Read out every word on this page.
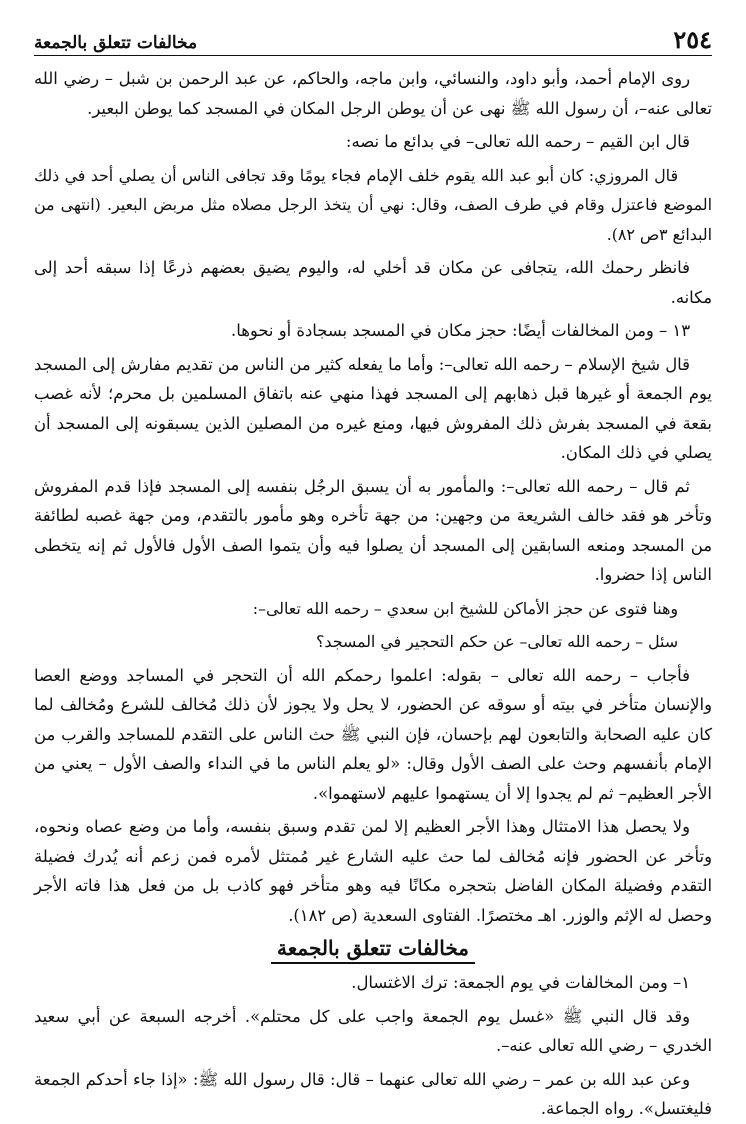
٢٥٤
مخالفات تتعلق بالجمعة

روى الإمام أحمد، وأبو داود، والنسائي، وابن ماجه، والحاكم، عن عبد الرحمن بن شبل – رضي الله تعالى عنه–، أن رسول الله ﷺ نهى عن أن يوطن الرجل المكان في المسجد كما يوطن البعير.

قال ابن القيم – رحمه الله تعالى– في بدائع ما نصه:

قال المروزي: كان أبو عبد الله يقوم خلف الإمام فجاء يومًا وقد تجافى الناس أن يصلي أحد في ذلك الموضع فاعتزل وقام في طرف الصف، وقال: نهي أن يتخذ الرجل مصلاه مثل مربض البعير. (انتهى من البدائع ٣ص ٨٢).

فانظر رحمك الله، يتجافى عن مكان قد أخلي له، واليوم يضيق بعضهم ذرعًا إذا سبقه أحد إلى مكانه.

١٣ – ومن المخالفات أيضًا: حجز مكان في المسجد بسجادة أو نحوها.

قال شيخ الإسلام – رحمه الله تعالى–: وأما ما يفعله كثير من الناس من تقديم مفارش إلى المسجد يوم الجمعة أو غيرها قبل ذهابهم إلى المسجد فهذا منهي عنه باتفاق المسلمين بل محرم؛ لأنه غصب بقعة في المسجد بفرش ذلك المفروش فيها، ومنع غيره من المصلين الذين يسبقونه إلى المسجد أن يصلي في ذلك المكان.

ثم قال – رحمه الله تعالى–: والمأمور به أن يسبق الرجُل بنفسه إلى المسجد فإذا قدم المفروش وتأخر هو فقد خالف الشريعة من وجهين: من جهة تأخره وهو مأمور بالتقدم، ومن جهة غصبه لطائفة من المسجد ومنعه السابقين إلى المسجد أن يصلوا فيه وأن يتموا الصف الأول فالأول ثم إنه يتخطى الناس إذا حضروا.

وهنا فتوى عن حجز الأماكن للشيخ ابن سعدي – رحمه الله تعالى–:

سئل – رحمه الله تعالى– عن حكم التحجير في المسجد؟

فأجاب – رحمه الله تعالى – بقوله: اعلموا رحمكم الله أن التحجر في المساجد ووضع العصا والإنسان متأخر في بيته أو سوقه عن الحضور، لا يحل ولا يجوز لأن ذلك مُخالف للشرع ومُخالف لما كان عليه الصحابة والتابعون لهم بإحسان، فإن النبي ﷺ حث الناس على التقدم للمساجد والقرب من الإمام بأنفسهم وحث على الصف الأول وقال: «لو يعلم الناس ما في النداء والصف الأول – يعني من الأجر العظيم– ثم لم يجدوا إلا أن يستهموا عليهم لاستهموا».

ولا يحصل هذا الامتثال وهذا الأجر العظيم إلا لمن تقدم وسبق بنفسه، وأما من وضع عصاه ونحوه، وتأخر عن الحضور فإنه مُخالف لما حث عليه الشارع غير مُمتثل لأمره فمن زعم أنه يُدرك فضيلة التقدم وفضيلة المكان الفاضل بتحجره مكانًا فيه وهو متأخر فهو كاذب بل من فعل هذا فاته الأجر وحصل له الإثم والوزر. اهـ مختصرًا. الفتاوى السعدية (ص ١٨٢).

مخالفات تتعلق بالجمعة

١– ومن المخالفات في يوم الجمعة: ترك الاغتسال.

وقد قال النبي ﷺ «غسل يوم الجمعة واجب على كل محتلم». أخرجه السبعة عن أبي سعيد الخدري – رضي الله تعالى عنه–.

وعن عبد الله بن عمر – رضي الله تعالى عنهما – قال: قال رسول الله ﷺ: «إذا جاء أحدكم الجمعة فليغتسل». رواه الجماعة.
